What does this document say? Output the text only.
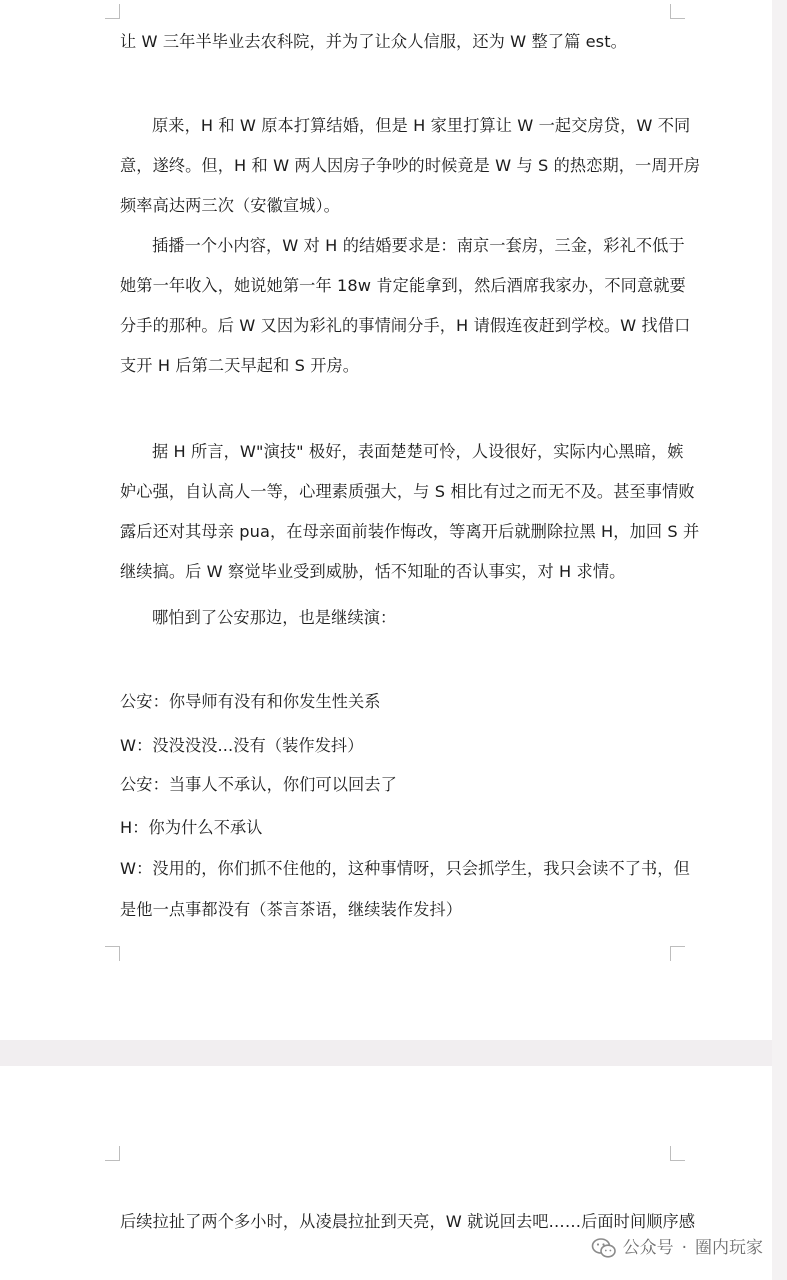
让 W 三年半毕业去农科院，并为了让众人信服，还为 W 整了篇 est。
原来，H 和 W 原本打算结婚，但是 H 家里打算让 W 一起交房贷，W 不同
意，遂终。但，H 和 W 两人因房子争吵的时候竟是 W 与 S 的热恋期，一周开房
频率高达两三次（安徽宣城）。
插播一个小内容，W 对 H 的结婚要求是：南京一套房，三金，彩礼不低于
她第一年收入，她说她第一年 18w 肯定能拿到，然后酒席我家办，不同意就要
分手的那种。后 W 又因为彩礼的事情闹分手，H 请假连夜赶到学校。W 找借口
支开 H 后第二天早起和 S 开房。
据 H 所言，W"演技" 极好，表面楚楚可怜，人设很好，实际内心黑暗，嫉
妒心强，自认高人一等，心理素质强大，与 S 相比有过之而无不及。甚至事情败
露后还对其母亲 pua，在母亲面前装作悔改，等离开后就删除拉黑 H，加回 S 并
继续搞。后 W 察觉毕业受到威胁，恬不知耻的否认事实，对 H 求情。
哪怕到了公安那边，也是继续演：
公安：你导师有没有和你发生性关系
W：没没没没...没有（装作发抖）
公安：当事人不承认，你们可以回去了
H：你为什么不承认
W：没用的，你们抓不住他的，这种事情呀，只会抓学生，我只会读不了书，但
是他一点事都没有（茶言茶语，继续装作发抖）
后续拉扯了两个多小时，从凌晨拉扯到天亮，W 就说回去吧……后面时间顺序感
公众号 · 圈内玩家
